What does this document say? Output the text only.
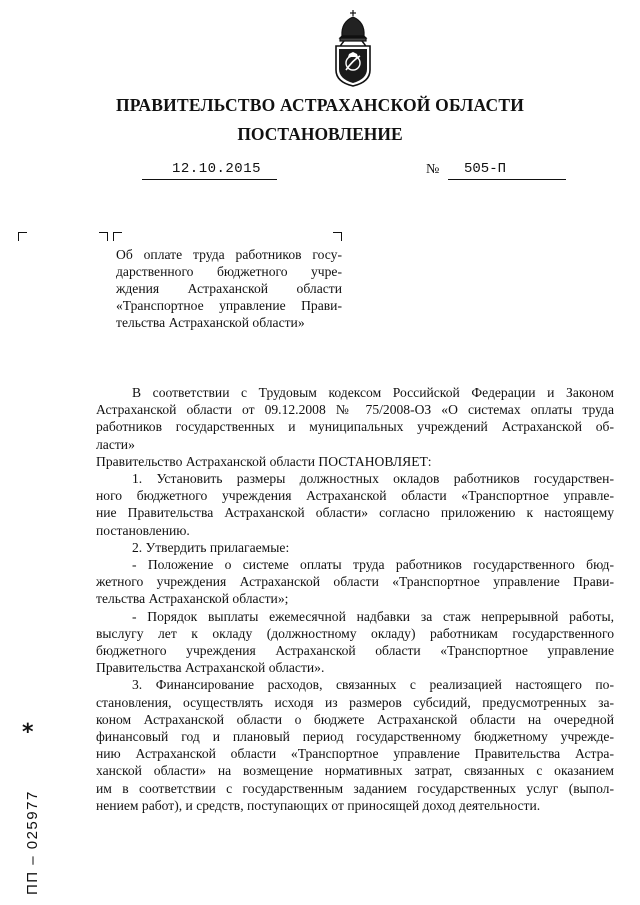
ПРАВИТЕЛЬСТВО АСТРАХАНСКОЙ ОБЛАСТИ
ПОСТАНОВЛЕНИЕ
12.10.2015	№ 505-П
Об оплате труда работников госу-
дарственного бюджетного учре-
ждения Астраханской области
«Транспортное управление Прави-
тельства Астраханской области»
В соответствии с Трудовым кодексом Российской Федерации и Законом
Астраханской области от 09.12.2008 № 75/2008-ОЗ «О системах оплаты труда
работников государственных и муниципальных учреждений Астраханской об-
ласти»
Правительство Астраханской области ПОСТАНОВЛЯЕТ:
1. Установить размеры должностных окладов работников государствен-
ного бюджетного учреждения Астраханской области «Транспортное управле-
ние Правительства Астраханской области» согласно приложению к настоящему
постановлению.
2. Утвердить прилагаемые:
- Положение о системе оплаты труда работников государственного бюд-
жетного учреждения Астраханской области «Транспортное управление Прави-
тельства Астраханской области»;
- Порядок выплаты ежемесячной надбавки за стаж непрерывной работы,
выслугу лет к окладу (должностному окладу) работникам государственного
бюджетного учреждения Астраханской области «Транспортное управление
Правительства Астраханской области».
3. Финансирование расходов, связанных с реализацией настоящего по-
становления, осуществлять исходя из размеров субсидий, предусмотренных за-
коном Астраханской области о бюджете Астраханской области на очередной
финансовый год и плановый период государственному бюджетному учрежде-
нию Астраханской области «Транспортное управление Правительства Астра-
ханской области» на возмещение нормативных затрат, связанных с оказанием
им в соответствии с государственным заданием государственных услуг (выпол-
нением работ), и средств, поступающих от приносящей доход деятельности.
*
ПП – 025977
